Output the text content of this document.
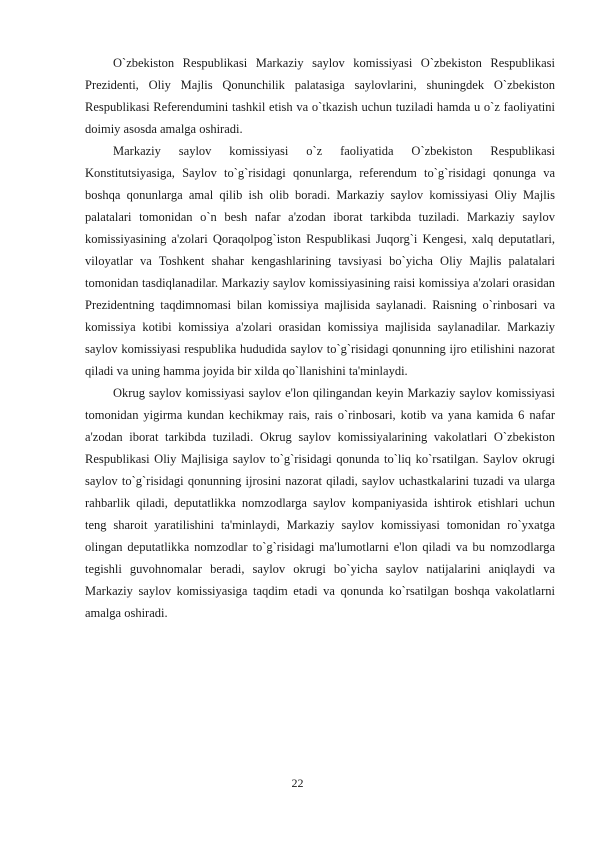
O`zbekiston Respublikasi Markaziy saylov komissiyasi O`zbekiston Respublikasi Prezidenti, Oliy Majlis Qonunchilik palatasiga saylovlarini, shuningdek O`zbekiston Respublikasi Referendumini tashkil etish va o`tkazish uchun tuziladi hamda u o`z faoliyatini doimiy asosda amalga oshiradi.

Markaziy saylov komissiyasi o`z faoliyatida O`zbekiston Respublikasi Konstitutsiyasiga, Saylov to`g`risidagi qonunlarga, referendum to`g`risidagi qonunga va boshqa qonunlarga amal qilib ish olib boradi. Markaziy saylov komissiyasi Oliy Majlis palatalari tomonidan o`n besh nafar a'zodan iborat tarkibda tuziladi. Markaziy saylov komissiyasining a'zolari Qoraqolpog`iston Respublikasi Juqorg`i Kengesi, xalq deputatlari, viloyatlar va Toshkent shahar kengashlarining tavsiyasi bo`yicha Oliy Majlis palatalari tomonidan tasdiqlanadilar. Markaziy saylov komissiyasining raisi komissiya a'zolari orasidan Prezidentning taqdimnomasi bilan komissiya majlisida saylanadi. Raisning o`rinbosari va komissiya kotibi komissiya a'zolari orasidan komissiya majlisida saylanadilar. Markaziy saylov komissiyasi respublika hududida saylov to`g`risidagi qonunning ijro etilishini nazorat qiladi va uning hamma joyida bir xilda qo`llanishini ta'minlaydi.

Okrug saylov komissiyasi saylov e'lon qilingandan keyin Markaziy saylov komissiyasi tomonidan yigirma kundan kechikmay rais, rais o`rinbosari, kotib va yana kamida 6 nafar a'zodan iborat tarkibda tuziladi. Okrug saylov komissiyalarining vakolatlari O`zbekiston Respublikasi Oliy Majlisiga saylov to`g`risidagi qonunda to`liq ko`rsatilgan. Saylov okrugi saylov to`g`risidagi qonunning ijrosini nazorat qiladi, saylov uchastkalarini tuzadi va ularga rahbarlik qiladi, deputatlikka nomzodlarga saylov kompaniyasida ishtirok etishlari uchun teng sharoit yaratilishini ta'minlaydi, Markaziy saylov komissiyasi tomonidan ro`yxatga olingan deputatlikka nomzodlar to`g`risidagi ma'lumotlarni e'lon qiladi va bu nomzodlarga tegishli guvohnomalar beradi, saylov okrugi bo`yicha saylov natijalarini aniqlaydi va Markaziy saylov komissiyasiga taqdim etadi va qonunda ko`rsatilgan boshqa vakolatlarni amalga oshiradi.

22
